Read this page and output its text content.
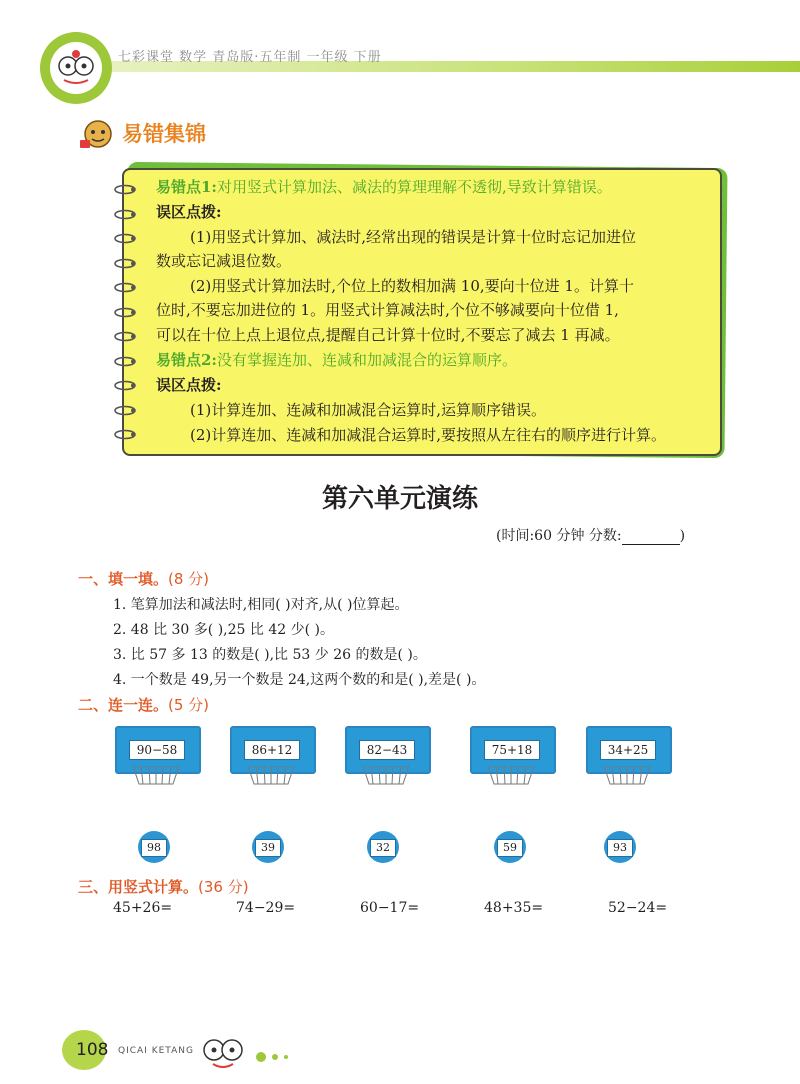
七彩课堂 数学 青岛版·五年制 一年级 下册
易错集锦
易错点1:对用竖式计算加法、减法的算理理解不透彻,导致计算错误。
误区点拨:
(1)用竖式计算加、减法时,经常出现的错误是计算十位时忘记加进位
数或忘记减退位数。
(2)用竖式计算加法时,个位上的数相加满 10,要向十位进 1。计算十
位时,不要忘加进位的 1。用竖式计算减法时,个位不够减要向十位借 1,
可以在十位上点上退位点,提醒自己计算十位时,不要忘了减去 1 再减。
易错点2:没有掌握连加、连减和加减混合的运算顺序。
误区点拨:
(1)计算连加、连减和加减混合运算时,运算顺序错误。
(2)计算连加、连减和加减混合运算时,要按照从左往右的顺序进行计算。
第六单元演练
(时间:60 分钟 分数:	)
一、填一填。(8 分)
1. 笔算加法和减法时,相同( )对齐,从( )位算起。
2. 48 比 30 多( ),25 比 42 少( )。
3. 比 57 多 13 的数是( ),比 53 少 26 的数是( )。
4. 一个数是 49,另一个数是 24,这两个数的和是( ),差是( )。
二、连一连。(5 分)
90−58	86+12	82−43	75+18	34+25
98	39	32	59	93
三、用竖式计算。(36 分)
45+26=	74−29=	60−17=	48+35=	52−24=
108 QICAI KETANG
